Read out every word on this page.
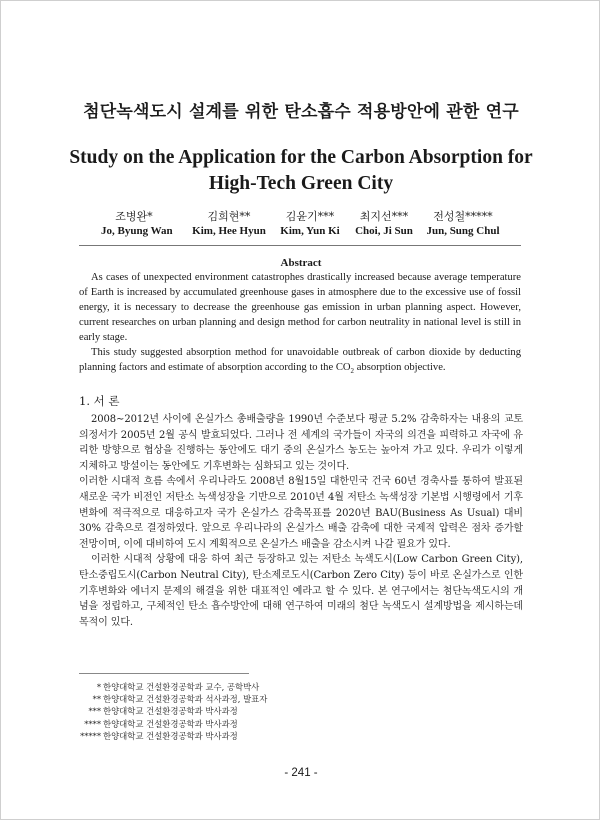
첨단녹색도시 설계를 위한 탄소흡수 적용방안에 관한 연구
Study on the Application for the Carbon Absorption for
High-Tech Green City
조병완*
Jo, Byung Wan
김희현**
Kim, Hee Hyun
김윤기***
Kim, Yun Ki
최지선***
Choi, Ji Sun
전성철*****
Jun, Sung Chul
Abstract

As cases of unexpected environment catastrophes drastically increased because average temperature of Earth is increased by accumulated greenhouse gases in atmosphere due to the excessive use of fossil energy, it is necessary to decrease the greenhouse gas emission in urban planning aspect. However, current researches on urban planning and design method for carbon neutrality in national level is still in early stage.

This study suggested absorption method for unavoidable outbreak of carbon dioxide by deducting planning factors and estimate of absorption according to the $CO_2$ absorption objective.

1. 서 론

2008∼2012년 사이에 온실가스 총배출량을 1990년 수준보다 평균 5.2% 감축하자는 내용의 교토의정서가 2005년 2월 공식 발효되었다. 그러나 전 세계의 국가들이 자국의 의견을 피력하고 자국에 유리한 방향으로 협상을 진행하는 동안에도 대기 중의 온실가스 농도는 높아져 가고 있다. 우리가 이렇게 지체하고 방설이는 동안에도 기후변화는 심화되고 있는 것이다.

이러한 시대적 흐름 속에서 우리나라도 2008년 8월15일 대한민국 건국 60년 경축사를 통하여 발표된 새로운 국가 비전인 저탄소 녹색성장을 기반으로 2010년 4월 저탄소 녹색성장 기본법 시행령에서 기후변화에 적극적으로 대응하고자 국가 온실가스 감축목표를 2020년 BAU(Business As Usual) 대비 30% 감축으로 결정하였다. 앞으로 우리나라의 온실가스 배출 감축에 대한 국제적 압력은 점차 증가할 전망이며, 이에 대비하여 도시 계획적으로 온실가스 배출을 감소시켜 나갈 필요가 있다.

이러한 시대적 상황에 대응 하여 최근 등장하고 있는 저탄소 녹색도시(Low Carbon Green City), 탄소중립도시(Carbon Neutral City), 탄소제로도시(Carbon Zero City) 등이 바로 온실가스로 인한 기후변화와 에너지 문제의 해결을 위한 대표적인 예라고 할 수 있다. 본 연구에서는 첨단녹색도시의 개념을 정립하고, 구체적인 탄소 흡수방안에 대해 연구하여 미래의 첨단 녹색도시 설계방법을 제시하는데 목적이 있다.

* 한양대학교 건설환경공학과 교수, 공학박사
** 한양대학교 건설환경공학과 석사과정, 발표자
*** 한양대학교 건설환경공학과 박사과정
**** 한양대학교 건설환경공학과 박사과정
***** 한양대학교 건설환경공학과 박사과정
- 241 -
